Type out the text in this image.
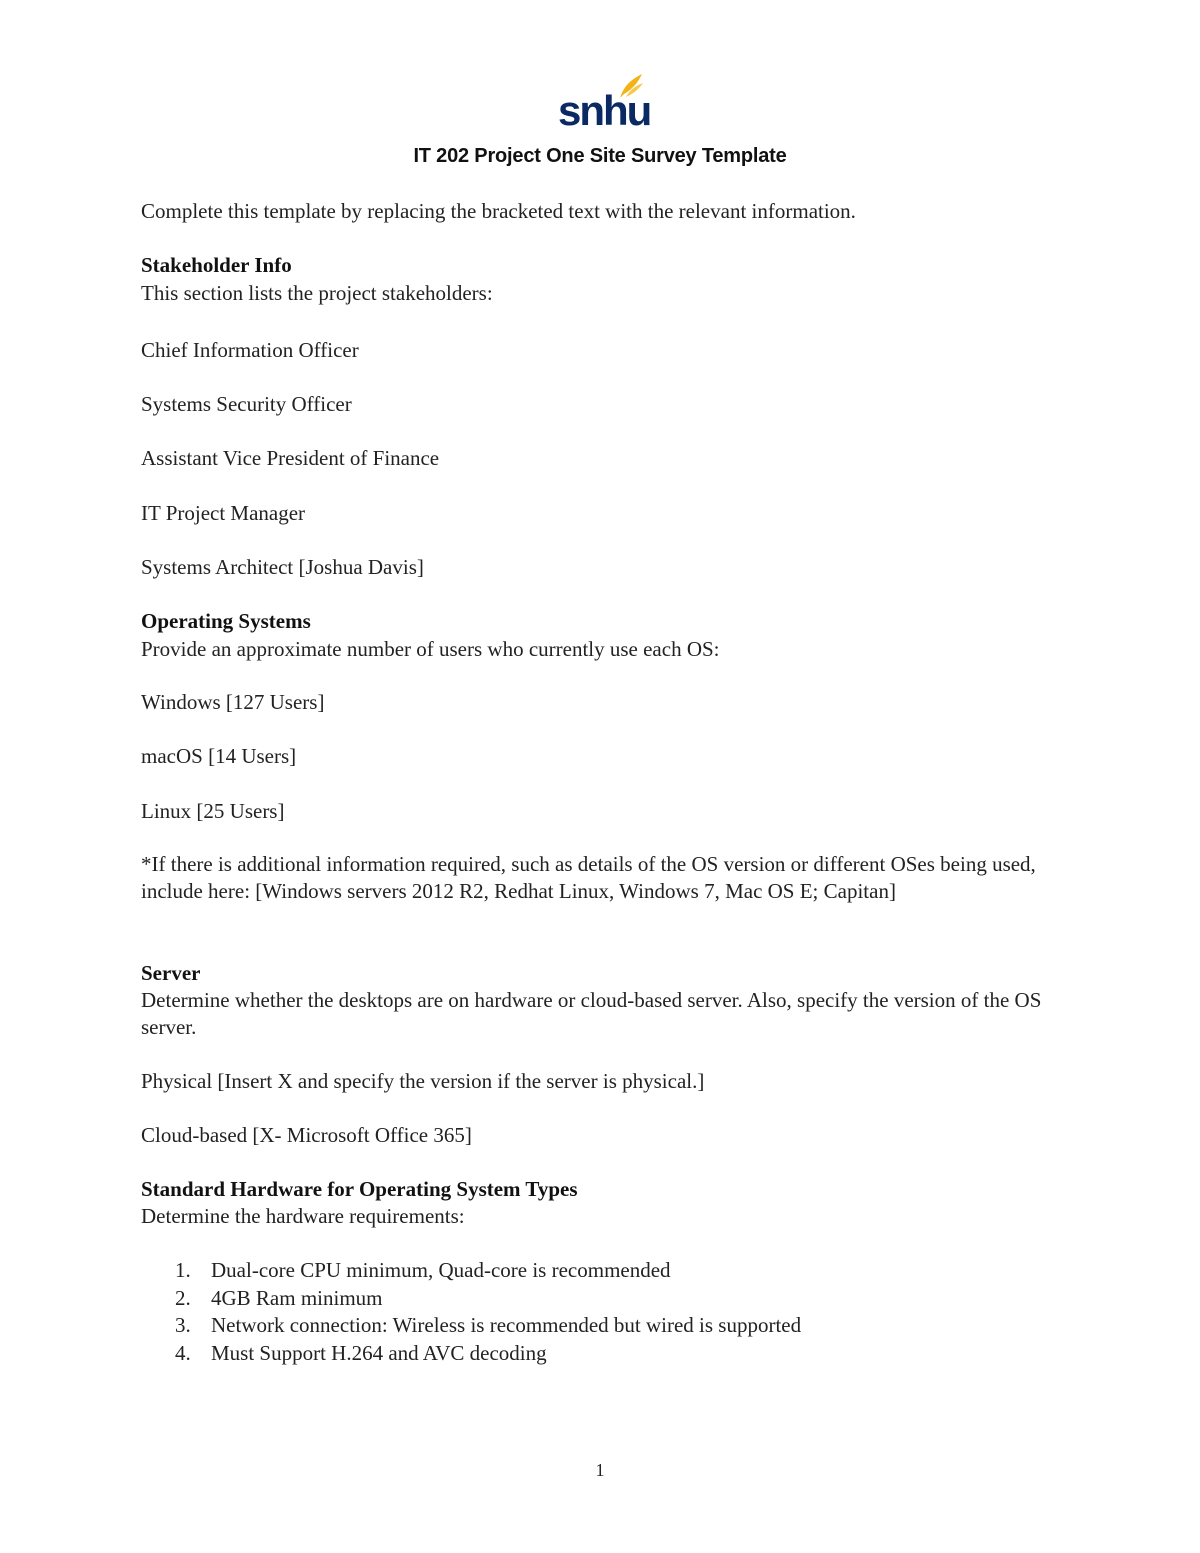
snhu
IT 202 Project One Site Survey Template
Complete this template by replacing the bracketed text with the relevant information.
Stakeholder Info
This section lists the project stakeholders:
Chief Information Officer
Systems Security Officer
Assistant Vice President of Finance
IT Project Manager
Systems Architect [Joshua Davis]
Operating Systems
Provide an approximate number of users who currently use each OS:
Windows [127 Users]
macOS [14 Users]
Linux [25 Users]
*If there is additional information required, such as details of the OS version or different OSes being used, include here: [Windows servers 2012 R2, Redhat Linux, Windows 7, Mac OS E; Capitan]
Server
Determine whether the desktops are on hardware or cloud-based server. Also, specify the version of the OS server.
Physical [Insert X and specify the version if the server is physical.]
Cloud-based [X- Microsoft Office 365]
Standard Hardware for Operating System Types
Determine the hardware requirements:
1. Dual-core CPU minimum, Quad-core is recommended
2. 4GB Ram minimum
3. Network connection: Wireless is recommended but wired is supported
4. Must Support H.264 and AVC decoding
1
